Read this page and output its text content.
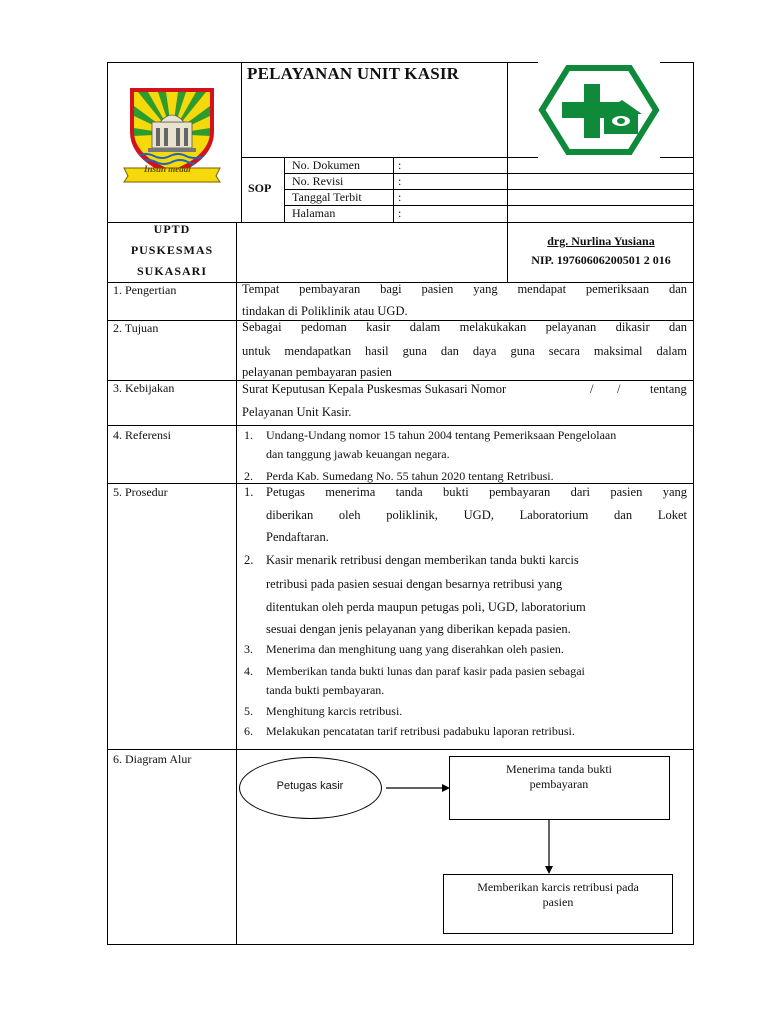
Insun medal
PELAYANAN UNIT KASIR
SOP
No. Dokumen	:
No. Revisi	:
Tanggal Terbit	:
Halaman	:
UPTD
PUSKESMAS
SUKASARI
drg. Nurlina Yusiana
NIP. 19760606200501 2 016
1. Pengertian	Tempat pembayaran bagi pasien yang mendapat pemeriksaan dan
tindakan di Poliklinik atau UGD.
2. Tujuan	Sebagai pedoman kasir dalam melakukakan pelayanan dikasir dan
untuk mendapatkan hasil guna dan daya guna secara maksimal dalam
pelayanan pembayaran pasien
3. Kebijakan	Surat Keputusan Kepala Puskesmas Sukasari Nomor	/ / tentang
Pelayanan Unit Kasir.
4. Referensi	1. Undang-Undang nomor 15 tahun 2004 tentang Pemeriksaan Pengelolaan
dan tanggung jawab keuangan negara.
2. Perda Kab. Sumedang No. 55 tahun 2020 tentang Retribusi.
5. Prosedur	1. Petugas menerima tanda bukti pembayaran dari pasien yang
diberikan oleh poliklinik, UGD, Laboratorium dan Loket
Pendaftaran.
2. Kasir menarik retribusi dengan memberikan tanda bukti karcis
retribusi pada pasien sesuai dengan besarnya retribusi yang
ditentukan oleh perda maupun petugas poli, UGD, laboratorium
sesuai dengan jenis pelayanan yang diberikan kepada pasien.
3. Menerima dan menghitung uang yang diserahkan oleh pasien.
4. Memberikan tanda bukti lunas dan paraf kasir pada pasien sebagai
tanda bukti pembayaran.
5. Menghitung karcis retribusi.
6. Melakukan pencatatan tarif retribusi padabuku laporan retribusi.
6. Diagram Alur
Petugas kasir
Menerima tanda bukti
pembayaran
Memberikan karcis retribusi pada
pasien
